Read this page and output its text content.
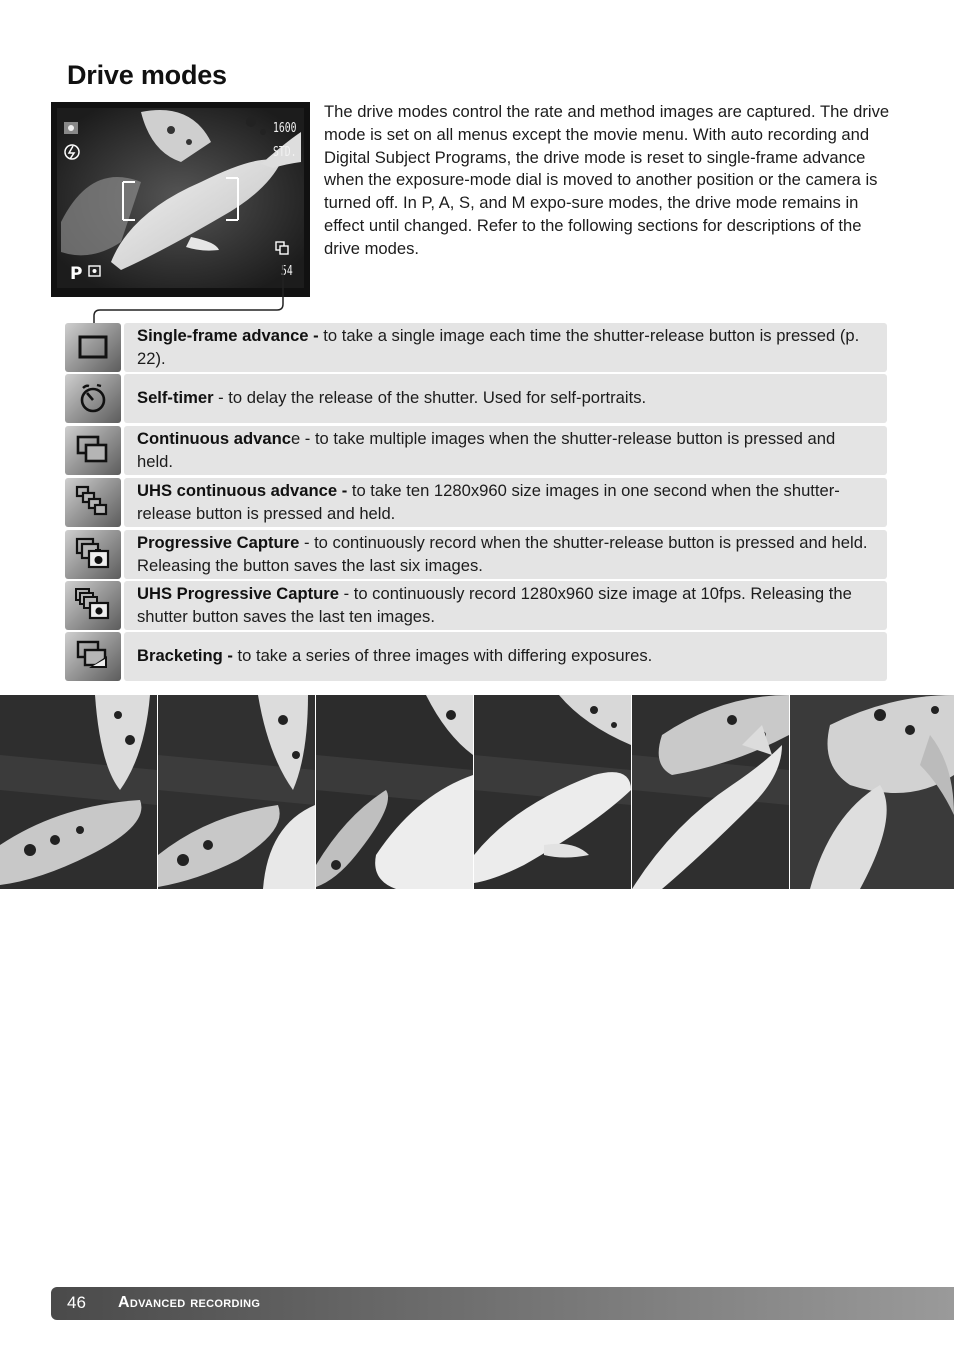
Drive modes
1600
STD.
54
P

The drive modes control the rate and method images are captured. The drive mode is set on all menus except the movie menu. With auto recording and Digital Subject Programs, the drive mode is reset to single-frame advance when the exposure-mode dial is moved to another position or the camera is turned off. In P, A, S, and M expo-sure modes, the drive mode remains in effect until changed. Refer to the following sections for descriptions of the drive modes.

Single-frame advance - to take a single image each time the shutter-release button is pressed (p. 22).
Self-timer - to delay the release of the shutter. Used for self-portraits.
Continuous advance - to take multiple images when the shutter-release button is pressed and held.
UHS continuous advance - to take ten 1280x960 size images in one second when the shutter-release button is pressed and held.
Progressive Capture - to continuously record when the shutter-release button is pressed and held. Releasing the button saves the last six images.
UHS Progressive Capture - to continuously record 1280x960 size image at 10fps. Releasing the shutter button saves the last ten images.
Bracketing - to take a series of three images with differing exposures.
46 Advanced recording
